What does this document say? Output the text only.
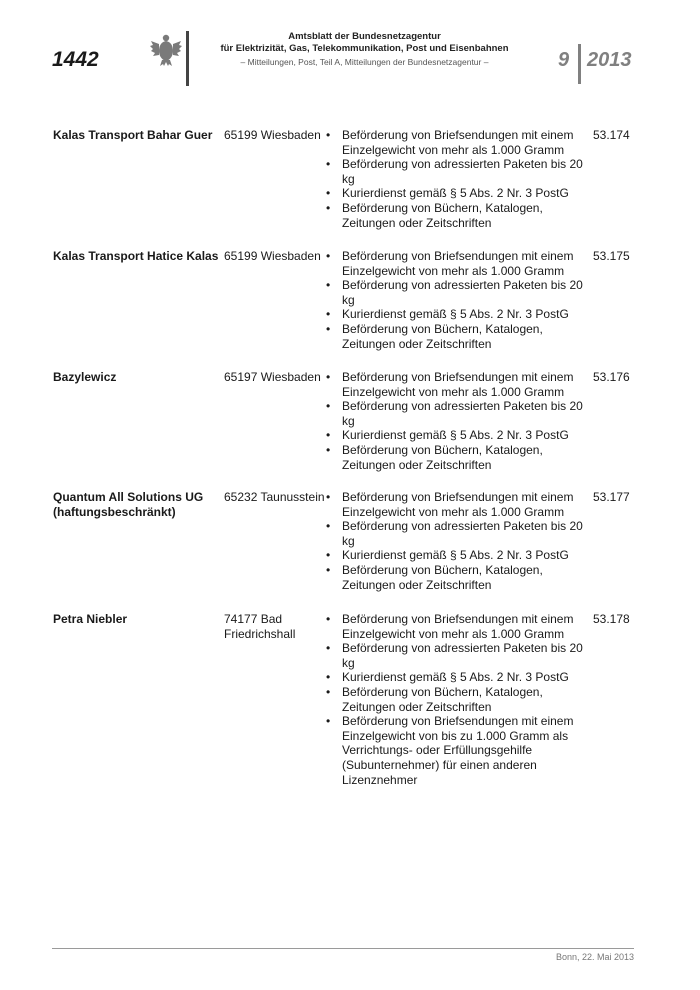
1442
Amtsblatt der Bundesnetzagentur
für Elektrizität, Gas, Telekommunikation, Post und Eisenbahnen
– Mitteilungen, Post, Teil A, Mitteilungen der Bundesnetzagentur –	9 2013
Kalas Transport Bahar Guer 65199 Wiesbaden • Beförderung von Briefsendungen mit einem Einzelgewicht von mehr als 1.000 Gramm
• Beförderung von adressierten Paketen bis 20 kg
• Kurierdienst gemäß § 5 Abs. 2 Nr. 3 PostG
• Beförderung von Büchern, Katalogen, Zeitungen oder Zeitschriften
53.174
Kalas Transport Hatice Kalas 65199 Wiesbaden • Beförderung von Briefsendungen mit einem Einzelgewicht von mehr als 1.000 Gramm
• Beförderung von adressierten Paketen bis 20 kg
• Kurierdienst gemäß § 5 Abs. 2 Nr. 3 PostG
• Beförderung von Büchern, Katalogen, Zeitungen oder Zeitschriften
53.175
Bazylewicz	65197 Wiesbaden • Beförderung von Briefsendungen mit einem Einzelgewicht von mehr als 1.000 Gramm
• Beförderung von adressierten Paketen bis 20 kg
• Kurierdienst gemäß § 5 Abs. 2 Nr. 3 PostG
• Beförderung von Büchern, Katalogen, Zeitungen oder Zeitschriften
53.176
Quantum All Solutions UG (haftungsbeschränkt)
65232 Taunusstein • Beförderung von Briefsendungen mit einem Einzelgewicht von mehr als 1.000 Gramm
• Beförderung von adressierten Paketen bis 20 kg
• Kurierdienst gemäß § 5 Abs. 2 Nr. 3 PostG
• Beförderung von Büchern, Katalogen, Zeitungen oder Zeitschriften
53.177
Petra Niebler	74177 Bad Friedrichshall
• Beförderung von Briefsendungen mit einem Einzelgewicht von mehr als 1.000 Gramm
• Beförderung von adressierten Paketen bis 20 kg
• Kurierdienst gemäß § 5 Abs. 2 Nr. 3 PostG
• Beförderung von Büchern, Katalogen, Zeitungen oder Zeitschriften
• Beförderung von Briefsendungen mit einem Einzelgewicht von bis zu 1.000 Gramm als Verrichtungs- oder Erfüllungsgehilfe (Subunternehmer) für einen anderen Lizenznehmer
53.178
Bonn, 22. Mai 2013
